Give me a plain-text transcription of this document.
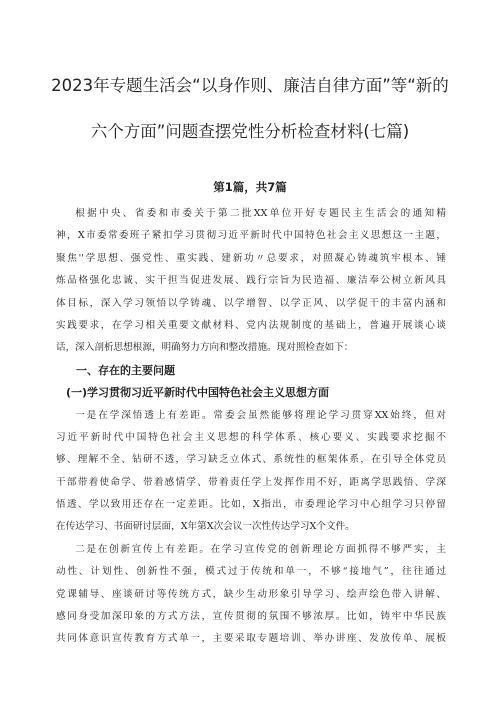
2023年专题生活会“以身作则、廉洁自律方面”等“新的
六个方面”问题查摆党性分析检查材料(七篇)
第1篇，共7篇
根据中央、省委和市委关于第二批XX单位开好专题民主生活会的通知精
神，X市委常委班子紧扣学习贯彻习近平新时代中国特色社会主义思想这一主题，
聚焦''学思想、强党性、重实践、建新功〃总要求，对照凝心铸魂筑牢根本、锤
炼品格强化忠诚、实干担当促进发展、践行宗旨为民造福、廉洁奉公树立新风具
体目标，深入学习领悟以学铸魂、以学增智、以学正风、以学促干的丰富内涵和
实践要求，在学习相关重要文献材料、党内法规制度的基础上，普遍开展谈心谈
话，深入剖析思想根源，明确努力方向和整改措施。现对照检查如下：
一、存在的主要问题
(一)学习贯彻习近平新时代中国特色社会主义思想方面
一是在学深悟透上有差距。常委会虽然能够将理论学习贯穿XX始终，但对
习近平新时代中国特色社会主义思想的科学体系、核心要义、实践要求挖掘不
够、理解不全、钻研不透，学习缺乏立体式、系统性的框架体系，在引导全体党员
干部带着使命学、带着感情学、带着责任学上发挥作用不好，距离学思践悟、学深
悟透、学以致用还存在一定差距。比如，X指出，市委理论学习中心组学习只停留
在传达学习、书面研讨层面，X年第X次会议一次性传达学习X个文件。
二是在创新宣传上有差距。在学习宣传党的创新理论方面抓得不够严实，主
动性、计划性、创新性不强，模式过于传统和单一，不够“接地气”，往往通过
党课辅导、座谈研讨等传统方式，缺少生动形象引导学习、绘声绘色带入讲解、
感同身受加深印象的方式方法，宣传贯彻的氛围不够浓厚。比如，铸牢中华民族
共同体意识宣传教育方式单一，主要采取专题培训、举办讲座、发放传单、展板
